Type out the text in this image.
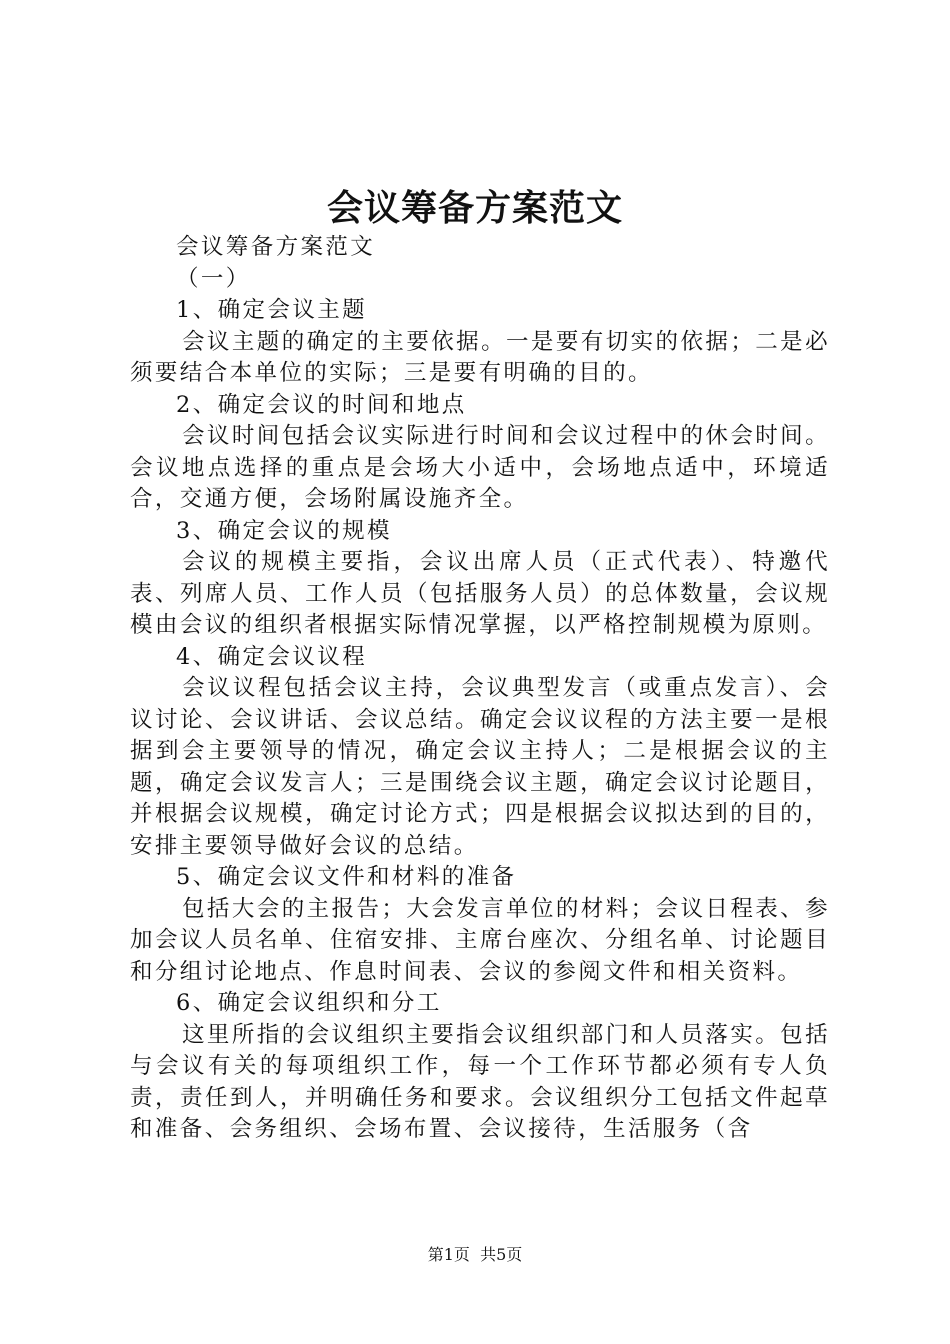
会议筹备方案范文

会议筹备方案范文

（一）

1、确定会议主题

会议主题的确定的主要依据。一是要有切实的依据；二是必须要结合本单位的实际；三是要有明确的目的。

2、确定会议的时间和地点

会议时间包括会议实际进行时间和会议过程中的休会时间。会议地点选择的重点是会场大小适中，会场地点适中，环境适合，交通方便，会场附属设施齐全。

3、确定会议的规模

会议的规模主要指，会议出席人员（正式代表）、特邀代表、列席人员、工作人员（包括服务人员）的总体数量，会议规模由会议的组织者根据实际情况掌握，以严格控制规模为原则。

4、确定会议议程

会议议程包括会议主持，会议典型发言（或重点发言）、会议讨论、会议讲话、会议总结。确定会议议程的方法主要一是根据到会主要领导的情况，确定会议主持人；二是根据会议的主题，确定会议发言人；三是围绕会议主题，确定会议讨论题目，并根据会议规模，确定讨论方式；四是根据会议拟达到的目的，安排主要领导做好会议的总结。

5、确定会议文件和材料的准备

包括大会的主报告；大会发言单位的材料；会议日程表、参加会议人员名单、住宿安排、主席台座次、分组名单、讨论题目和分组讨论地点、作息时间表、会议的参阅文件和相关资料。

6、确定会议组织和分工

这里所指的会议组织主要指会议组织部门和人员落实。包括与会议有关的每项组织工作，每一个工作环节都必须有专人负责，责任到人，并明确任务和要求。会议组织分工包括文件起草和准备、会务组织、会场布置、会议接待，生活服务（含

第1页  共5页
